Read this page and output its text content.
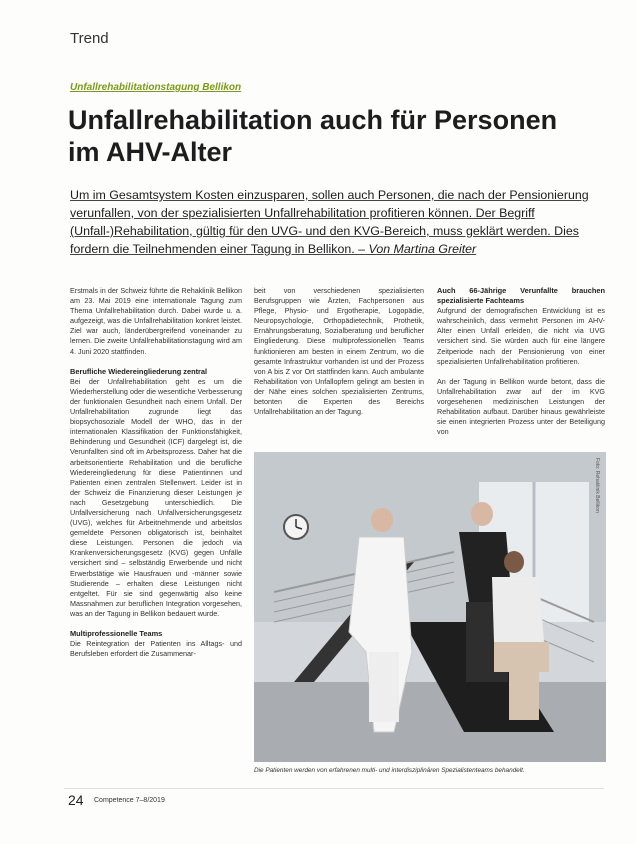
Trend
Unfallrehabilitationstagung Bellikon
Unfallrehabilitation auch für Personen im AHV-Alter
Um im Gesamtsystem Kosten einzusparen, sollen auch Personen, die nach der Pensionierung verunfallen, von der spezialisierten Unfallrehabilitation profitieren können. Der Begriff (Unfall-)Rehabilitation, gültig für den UVG- und den KVG-Bereich, muss geklärt werden. Dies fordern die Teilnehmenden einer Tagung in Bellikon. – Von Martina Greiter

Erstmals in der Schweiz führte die Rehaklinik Bellikon am 23. Mai 2019 eine internationale Tagung zum Thema Unfallrehabilitation durch. Dabei wurde u. a. aufgezeigt, was die Unfallrehabilitation konkret leistet. Ziel war auch, länderübergreifend voneinander zu lernen. Die zweite Unfallrehabilitationstagung wird am 4. Juni 2020 stattfinden.

Berufliche Wiedereingliederung zentral

Bei der Unfallrehabilitation geht es um die Wiederherstellung oder die wesentliche Verbesserung der funktionalen Gesundheit nach einem Unfall. Der Unfallrehabilitation zugrunde liegt das biopsychosoziale Modell der WHO, das in der internationalen Klassifikation der Funktionsfähigkeit, Behinderung und Gesundheit (ICF) dargelegt ist, die Verunfallten sind oft im Arbeitsprozess. Daher hat die arbeitsorientierte Rehabilitation und die berufliche Wiedereingliederung für diese Patientinnen und Patienten einen zentralen Stellenwert. Leider ist in der Schweiz die Finanzierung dieser Leistungen je nach Gesetzgebung unterschiedlich. Die Unfallversicherung nach Unfallversicherungsgesetz (UVG), welches für Arbeitnehmende und arbeitslos gemeldete Personen obligatorisch ist, beinhaltet diese Leistungen. Personen die jedoch via Krankenversicherungsgesetz (KVG) gegen Unfälle versichert sind – selbständig Erwerbende und nicht Erwerbstätige wie Hausfrauen und -männer sowie Studierende – erhalten diese Leistungen nicht entgeltet. Für sie sind gegenwärtig also keine Massnahmen zur beruflichen Integration vorgesehen, was an der Tagung in Bellikon bedauert wurde.

Multiprofessionelle Teams

Die Reintegration der Patienten ins Alltags- und Berufsleben erfordert die Zusammenar-

beit von verschiedenen spezialisierten Berufsgruppen wie Ärzten, Fachpersonen aus Pflege, Physio- und Ergotherapie, Logopädie, Neuropsychologie, Orthopädietechnik, Prothetik, Ernährungsberatung, Sozialberatung und beruflicher Eingliederung. Diese multiprofessionellen Teams funktionieren am besten in einem Zentrum, wo die gesamte Infrastruktur vorhanden ist und der Prozess von A bis Z vor Ort stattfinden kann. Auch ambulante Rehabilitation von Unfallopfern gelingt am besten in der Nähe eines solchen spezialisierten Zentrums, betonten die Experten des Bereichs Unfallrehabilitation an der Tagung.

Auch 66-Jährige Verunfallte brauchen spezialisierte Fachteams

Aufgrund der demografischen Entwicklung ist es wahrscheinlich, dass vermehrt Personen im AHV-Alter einen Unfall erleiden, die nicht via UVG versichert sind. Sie würden auch für eine längere Zeitperiode nach der Pensionierung von einer spezialisierten Unfallrehabilitation profitieren.

An der Tagung in Bellikon wurde betont, dass die Unfallrehabilitation zwar auf der im KVG vorgesehenen medizinischen Leistungen der Rehabilitation aufbaut. Darüber hinaus gewährleiste sie einen integrierten Prozess unter der Beteiligung von

Foto: Rehaklinik Bellikon
Die Patienten werden von erfahrenen multi- und interdisziplinären Spezialistenteams behandelt.
24 Competence 7–8/2019
